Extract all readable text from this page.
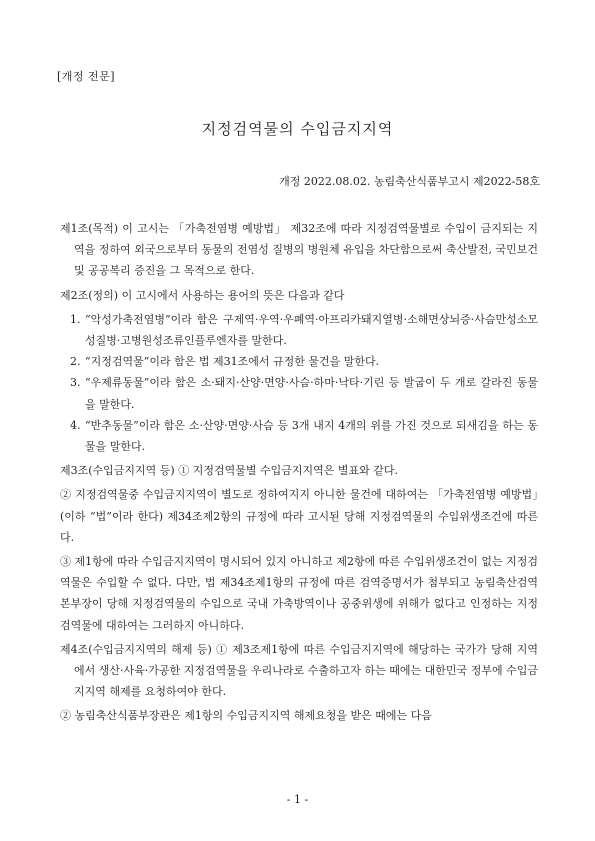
[개정 전문]
지정검역물의 수입금지지역
개정 2022.08.02. 농림축산식품부고시 제2022-58호
제1조(목적) 이 고시는 「가축전염병 예방법」 제32조에 따라 지정검역물별로 수입이 금지되는 지역을 정하여 외국으로부터 동물의 전염성 질병의 병원체 유입을 차단함으로써 축산발전, 국민보건 및 공공복리 증진을 그 목적으로 한다.
제2조(정의) 이 고시에서 사용하는 용어의 뜻은 다음과 같다
1. “악성가축전염병”이라 함은 구제역·우역·우폐역·아프리카돼지열병·소해면상뇌증·사슴만성소모성질병·고병원성조류인플루엔자를 말한다.
2. “지정검역물”이라 함은 법 제31조에서 규정한 물건을 말한다.
3. “우제류동물”이라 함은 소·돼지·산양·면양·사슴·하마·낙타·기린 등 발굽이 두 개로 갈라진 동물을 말한다.
4. “반추동물”이라 함은 소·산양·면양·사슴 등 3개 내지 4개의 위를 가진 것으로 되새김을 하는 동물을 말한다.
제3조(수입금지지역 등) ① 지정검역물별 수입금지지역은 별표와 같다.
② 지정검역물중 수입금지지역이 별도로 정하여지지 아니한 물건에 대하여는 「가축전염병 예방법」(이하 “법”이라 한다) 제34조제2항의 규정에 따라 고시된 당해 지정검역물의 수입위생조건에 따른다.
③ 제1항에 따라 수입금지지역이 명시되어 있지 아니하고 제2항에 따른 수입위생조건이 없는 지정검역물은 수입할 수 없다. 다만, 법 제34조제1항의 규정에 따른 검역증명서가 첨부되고 농림축산검역본부장이 당해 지정검역물의 수입으로 국내 가축방역이나 공중위생에 위해가 없다고 인정하는 지정검역물에 대하여는 그러하지 아니하다.
제4조(수입금지지역의 해제 등) ① 제3조제1항에 따른 수입금지지역에 해당하는 국가가 당해 지역에서 생산·사육·가공한 지정검역물을 우리나라로 수출하고자 하는 때에는 대한민국 정부에 수입금지지역 해제를 요청하여야 한다.
② 농림축산식품부장관은 제1항의 수입금지지역 해제요청을 받은 때에는 다음
- 1 -
